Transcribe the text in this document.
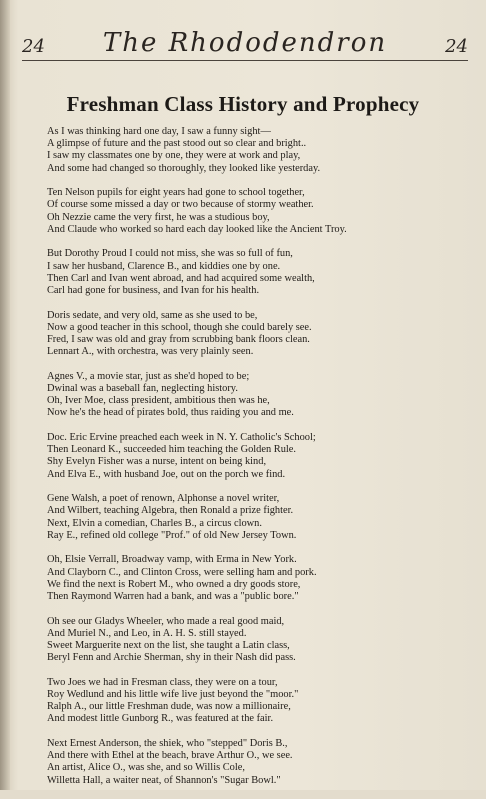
24	The Rhododendron	24
Freshman Class History and Prophecy
As I was thinking hard one day, I saw a funny sight—
A glimpse of future and the past stood out so clear and bright..
I saw my classmates one by one, they were at work and play,
And some had changed so thoroughly, they looked like yesterday.
Ten Nelson pupils for eight years had gone to school together,
Of course some missed a day or two because of stormy weather.
Oh Nezzie came the very first, he was a studious boy,
And Claude who worked so hard each day looked like the Ancient Troy.
But Dorothy Proud I could not miss, she was so full of fun,
I saw her husband, Clarence B., and kiddies one by one.
Then Carl and Ivan went abroad, and had acquired some wealth,
Carl had gone for business, and Ivan for his health.
Doris sedate, and very old, same as she used to be,
Now a good teacher in this school, though she could barely see.
Fred, I saw was old and gray from scrubbing bank floors clean.
Lennart A., with orchestra, was very plainly seen.
Agnes V., a movie star, just as she'd hoped to be;
Dwinal was a baseball fan, neglecting history.
Oh, Iver Moe, class president, ambitious then was he,
Now he's the head of pirates bold, thus raiding you and me.
Doc. Eric Ervine preached each week in N. Y. Catholic's School;
Then Leonard K., succeeded him teaching the Golden Rule.
Shy Evelyn Fisher was a nurse, intent on being kind,
And Elva E., with husband Joe, out on the porch we find.
Gene Walsh, a poet of renown, Alphonse a novel writer,
And Wilbert, teaching Algebra, then Ronald a prize fighter.
Next, Elvin a comedian, Charles B., a circus clown.
Ray E., refined old college "Prof." of old New Jersey Town.
Oh, Elsie Verrall, Broadway vamp, with Erma in New York.
And Clayborn C., and Clinton Cross, were selling ham and pork.
We find the next is Robert M., who owned a dry goods store,
Then Raymond Warren had a bank, and was a "public bore."
Oh see our Gladys Wheeler, who made a real good maid,
And Muriel N., and Leo, in A. H. S. still stayed.
Sweet Marguerite next on the list, she taught a Latin class,
Beryl Fenn and Archie Sherman, shy in their Nash did pass.
Two Joes we had in Fresman class, they were on a tour,
Roy Wedlund and his little wife live just beyond the "moor."
Ralph A., our little Freshman dude, was now a millionaire,
And modest little Gunborg R., was featured at the fair.
Next Ernest Anderson, the shiek, who "stepped" Doris B.,
And there with Ethel at the beach, brave Arthur O., we see.
An artist, Alice O., was she, and so Willis Cole,
Willetta Hall, a waiter neat, of Shannon's "Sugar Bowl."
